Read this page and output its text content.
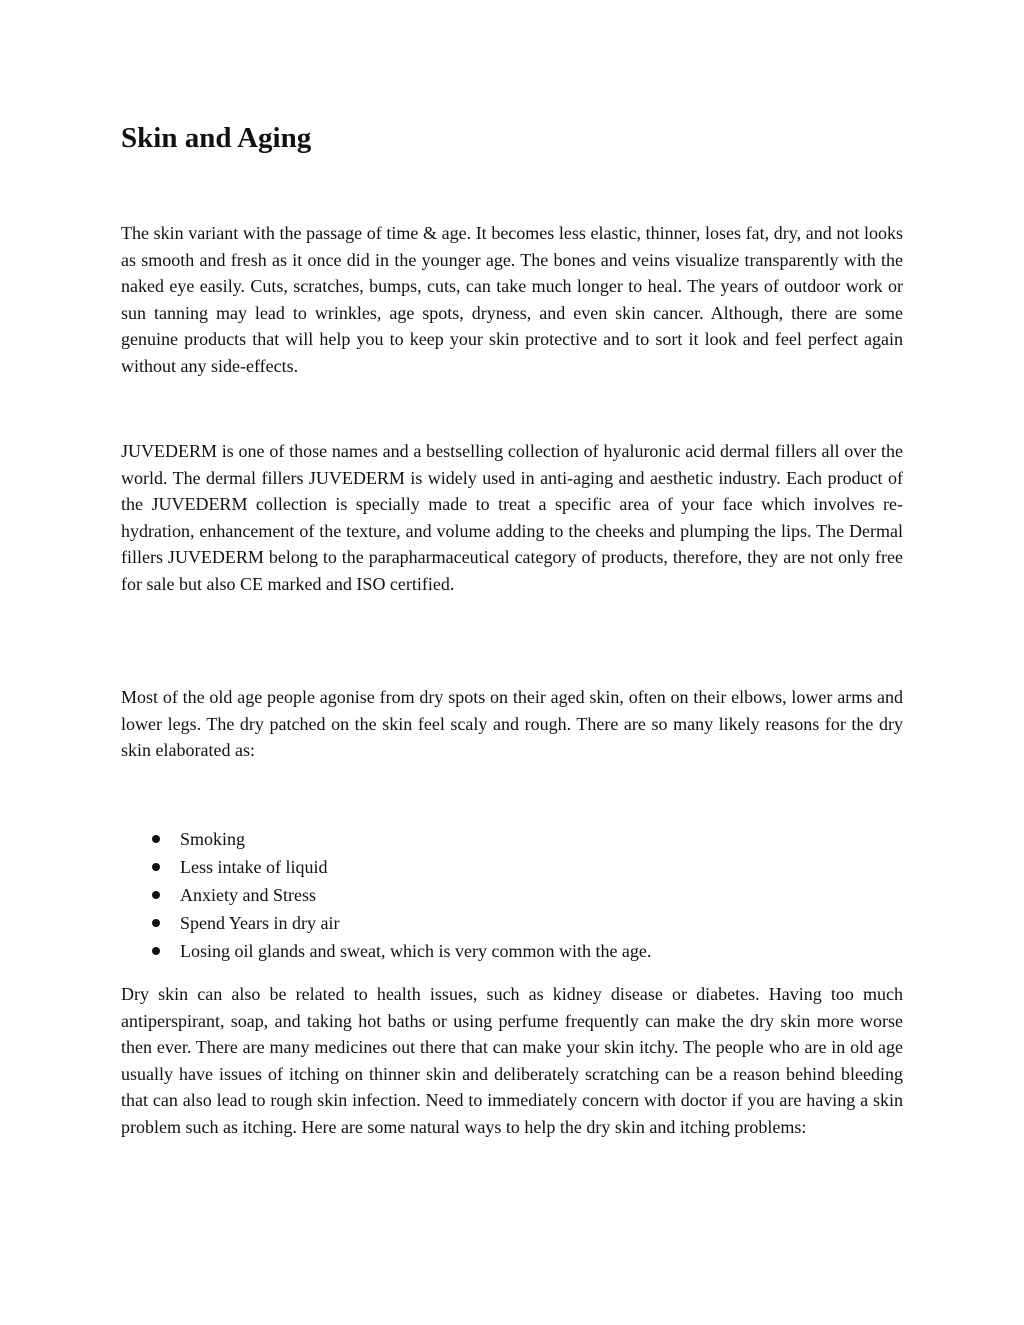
Skin and Aging

The skin variant with the passage of time & age. It becomes less elastic, thinner, loses fat, dry, and not looks as smooth and fresh as it once did in the younger age. The bones and veins visualize transparently with the naked eye easily. Cuts, scratches, bumps, cuts, can take much longer to heal. The years of outdoor work or sun tanning may lead to wrinkles, age spots, dryness, and even skin cancer. Although, there are some genuine products that will help you to keep your skin protective and to sort it look and feel perfect again without any side-effects.

JUVEDERM is one of those names and a bestselling collection of hyaluronic acid dermal fillers all over the world. The dermal fillers JUVEDERM is widely used in anti-aging and aesthetic industry. Each product of the JUVEDERM collection is specially made to treat a specific area of your face which involves re-hydration, enhancement of the texture, and volume adding to the cheeks and plumping the lips. The Dermal fillers JUVEDERM belong to the parapharmaceutical category of products, therefore, they are not only free for sale but also CE marked and ISO certified.

Most of the old age people agonise from dry spots on their aged skin, often on their elbows, lower arms and lower legs. The dry patched on the skin feel scaly and rough. There are so many likely reasons for the dry skin elaborated as:

Smoking
Less intake of liquid
Anxiety and Stress
Spend Years in dry air
Losing oil glands and sweat, which is very common with the age.

Dry skin can also be related to health issues, such as kidney disease or diabetes. Having too much antiperspirant, soap, and taking hot baths or using perfume frequently can make the dry skin more worse then ever. There are many medicines out there that can make your skin itchy. The people who are in old age usually have issues of itching on thinner skin and deliberately scratching can be a reason behind bleeding that can also lead to rough skin infection. Need to immediately concern with doctor if you are having a skin problem such as itching. Here are some natural ways to help the dry skin and itching problems:
